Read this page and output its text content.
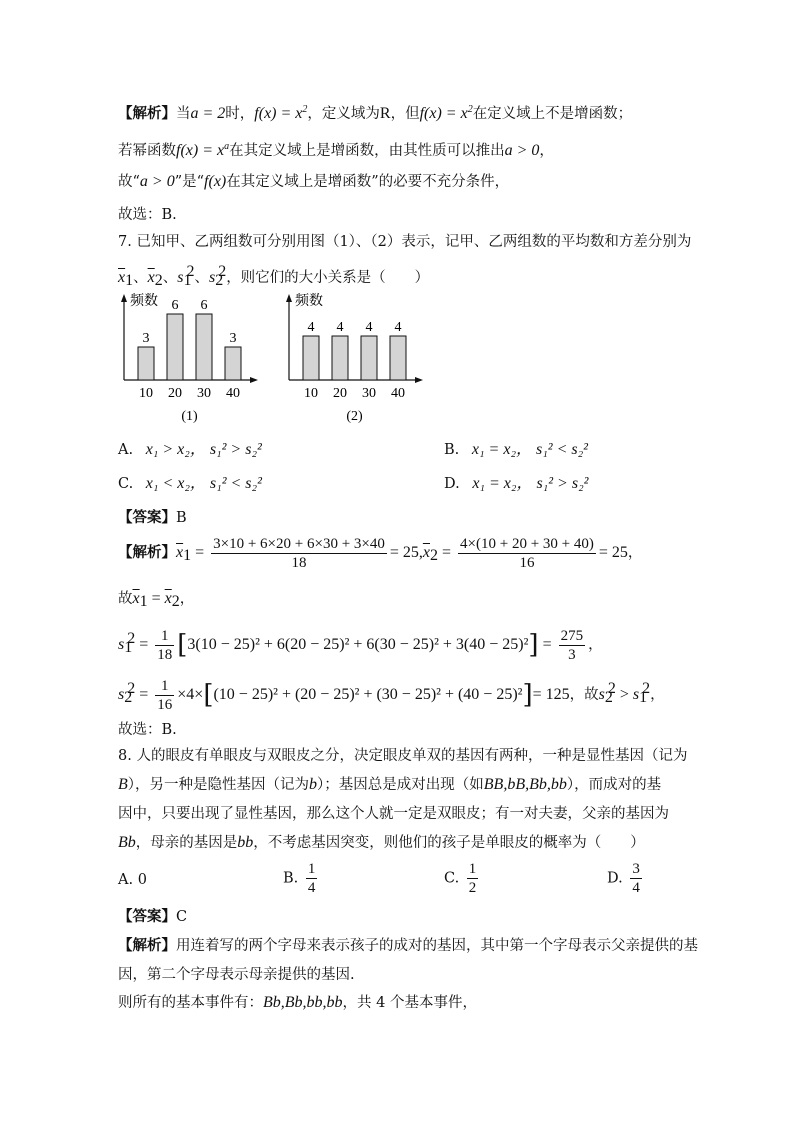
【解析】当a = 2时，$f(x) = x^2$，定义域为R，但$f(x) = x^2$在定义域上不是增函数；
若幂函数$f(x) = x^a$在其定义域上是增函数，由其性质可以推出a > 0，
故“a > 0”是“f(x)在其定义域上是增函数”的必要不充分条件，
故选：B.
7. 已知甲、乙两组数可分别用图（1）、（2）表示，记甲、乙两组数的平均数和方差分别为
$\overline{x}_1$、$\overline{x}_2$、$s_1^2$、$s_2^2$，则它们的大小关系是（　　）
频数
3
10
6
20
6
30
3
40
(1)
频数
4
10
4
20
4
30
4
40
(2)
A. x₁ > x₂， s₁² > s₂²	B. x₁ = x₂， s₁² < s₂²
C. x₁ < x₂， s₁² < s₂²	D. x₁ = x₂， s₁² > s₂²
【答案】B
【解析】$\overline{x}_1 = \frac{3\times 10 + 6\times 20 + 6\times 30 + 3\times 40}{18} = 25,\overline{x}_2 = \frac{4\times(10 + 20 + 30 + 40)}{16} = 25$，
故$\overline{x}_1 = \overline{x}_2$，
$s_1^2 = \frac{1}{18} [3(10 - 25)^2 + 6(20 - 25)^2 + 6(30 - 25)^2 + 3(40 - 25)^2] = \frac{275}{3}$ ，
$s_2^2 = \frac{1}{16} \times 4\times[(10 - 25)^2 + (20 - 25)^2 + (30 - 25)^2 + (40 - 25)^2]= 125$，故$s_2^2 > s_1^2$，
故选：B.
8. 人的眼皮有单眼皮与双眼皮之分，决定眼皮单双的基因有两种，一种是显性基因（记为
B），另一种是隐性基因（记为b）；基因总是成对出现（如BB,bB,Bb,bb），而成对的基
因中，只要出现了显性基因，那么这个人就一定是双眼皮；有一对夫妻，父亲的基因为
Bb，母亲的基因是bb，不考虑基因突变，则他们的孩子是单眼皮的概率为（　　）
A. 0	B. $\frac{1}{4}$	C. $\frac{1}{2}$	D. $\frac{3}{4}$
【答案】C
【解析】用连着写的两个字母来表示孩子的成对的基因，其中第一个字母表示父亲提供的基
因，第二个字母表示母亲提供的基因.
则所有的基本事件有：Bb,Bb,bb,bb，共 4 个基本事件，
